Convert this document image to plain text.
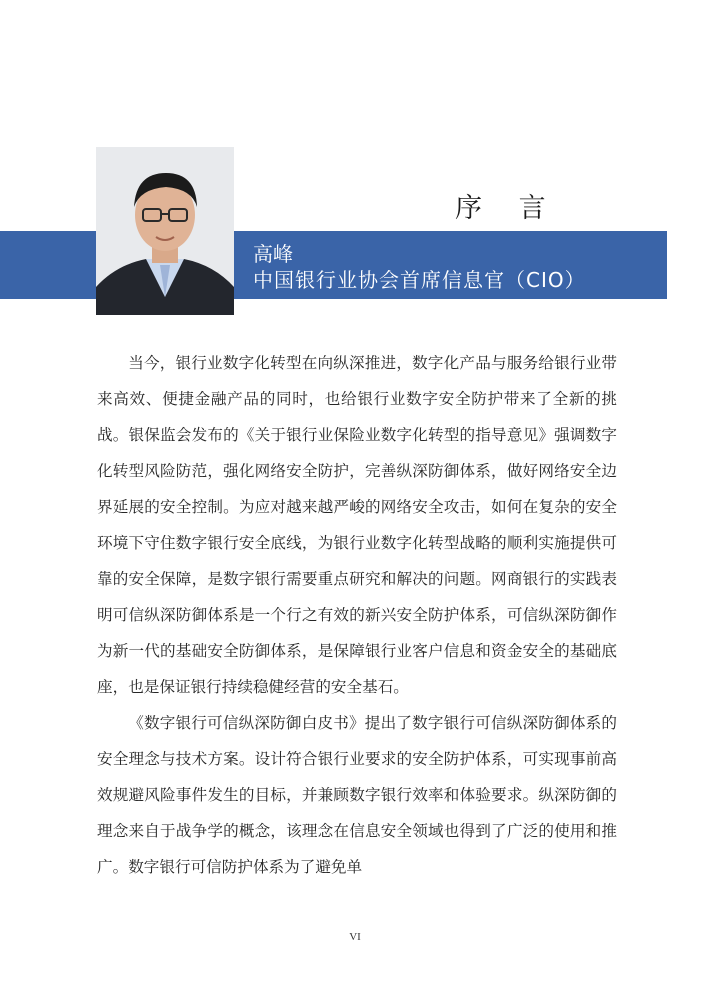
序 言
高峰
中国银行业协会首席信息官（CIO）

当今，银行业数字化转型在向纵深推进，数字化产品与服务给银行业带来高效、便捷金融产品的同时，也给银行业数字安全防护带来了全新的挑战。银保监会发布的《关于银行业保险业数字化转型的指导意见》强调数字化转型风险防范，强化网络安全防护，完善纵深防御体系，做好网络安全边界延展的安全控制。为应对越来越严峻的网络安全攻击，如何在复杂的安全环境下守住数字银行安全底线，为银行业数字化转型战略的顺利实施提供可靠的安全保障，是数字银行需要重点研究和解决的问题。网商银行的实践表明可信纵深防御体系是一个行之有效的新兴安全防护体系，可信纵深防御作为新一代的基础安全防御体系，是保障银行业客户信息和资金安全的基础底座，也是保证银行持续稳健经营的安全基石。

《数字银行可信纵深防御白皮书》提出了数字银行可信纵深防御体系的安全理念与技术方案。设计符合银行业要求的安全防护体系，可实现事前高效规避风险事件发生的目标，并兼顾数字银行效率和体验要求。纵深防御的理念来自于战争学的概念，该理念在信息安全领域也得到了广泛的使用和推广。数字银行可信防护体系为了避免单

VI
